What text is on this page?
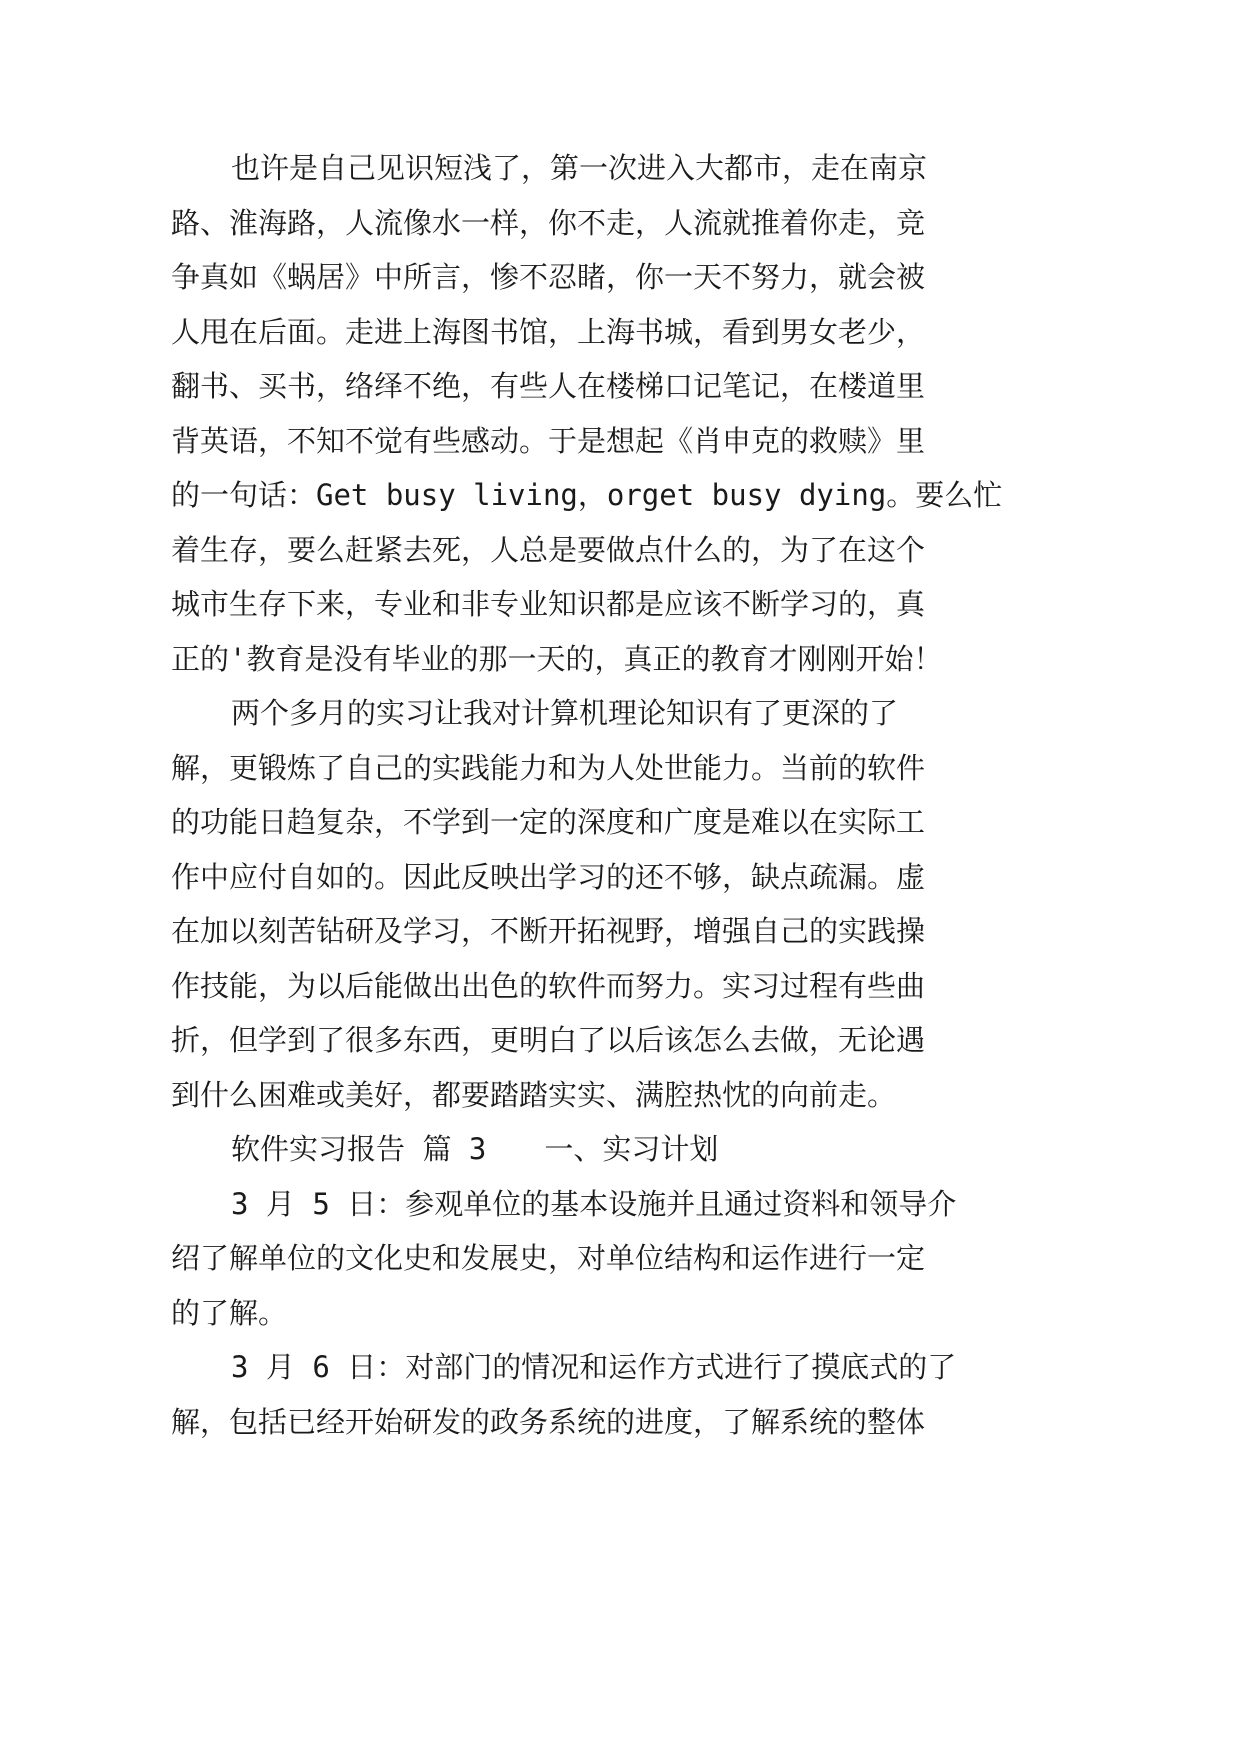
也许是自己见识短浅了，第一次进入大都市，走在南京
路、淮海路，人流像水一样，你不走，人流就推着你走，竞
争真如《蜗居》中所言，惨不忍睹，你一天不努力，就会被
人甩在后面。走进上海图书馆，上海书城，看到男女老少，
翻书、买书，络绎不绝，有些人在楼梯口记笔记，在楼道里
背英语，不知不觉有些感动。于是想起《肖申克的救赎》里
的一句话：Get busy living，orget busy dying。要么忙
着生存，要么赶紧去死，人总是要做点什么的，为了在这个
城市生存下来，专业和非专业知识都是应该不断学习的，真
正的'教育是没有毕业的那一天的，真正的教育才刚刚开始！
两个多月的实习让我对计算机理论知识有了更深的了
解，更锻炼了自己的实践能力和为人处世能力。当前的软件
的功能日趋复杂，不学到一定的深度和广度是难以在实际工
作中应付自如的。因此反映出学习的还不够，缺点疏漏。虚
在加以刻苦钻研及学习，不断开拓视野，增强自己的实践操
作技能，为以后能做出出色的软件而努力。实习过程有些曲
折，但学到了很多东西，更明白了以后该怎么去做，无论遇
到什么困难或美好，都要踏踏实实、满腔热忱的向前走。
软件实习报告 篇 3　　一、实习计划
3 月 5 日：参观单位的基本设施并且通过资料和领导介
绍了解单位的文化史和发展史，对单位结构和运作进行一定
的了解。
3 月 6 日：对部门的情况和运作方式进行了摸底式的了
解，包括已经开始研发的政务系统的进度，了解系统的整体
